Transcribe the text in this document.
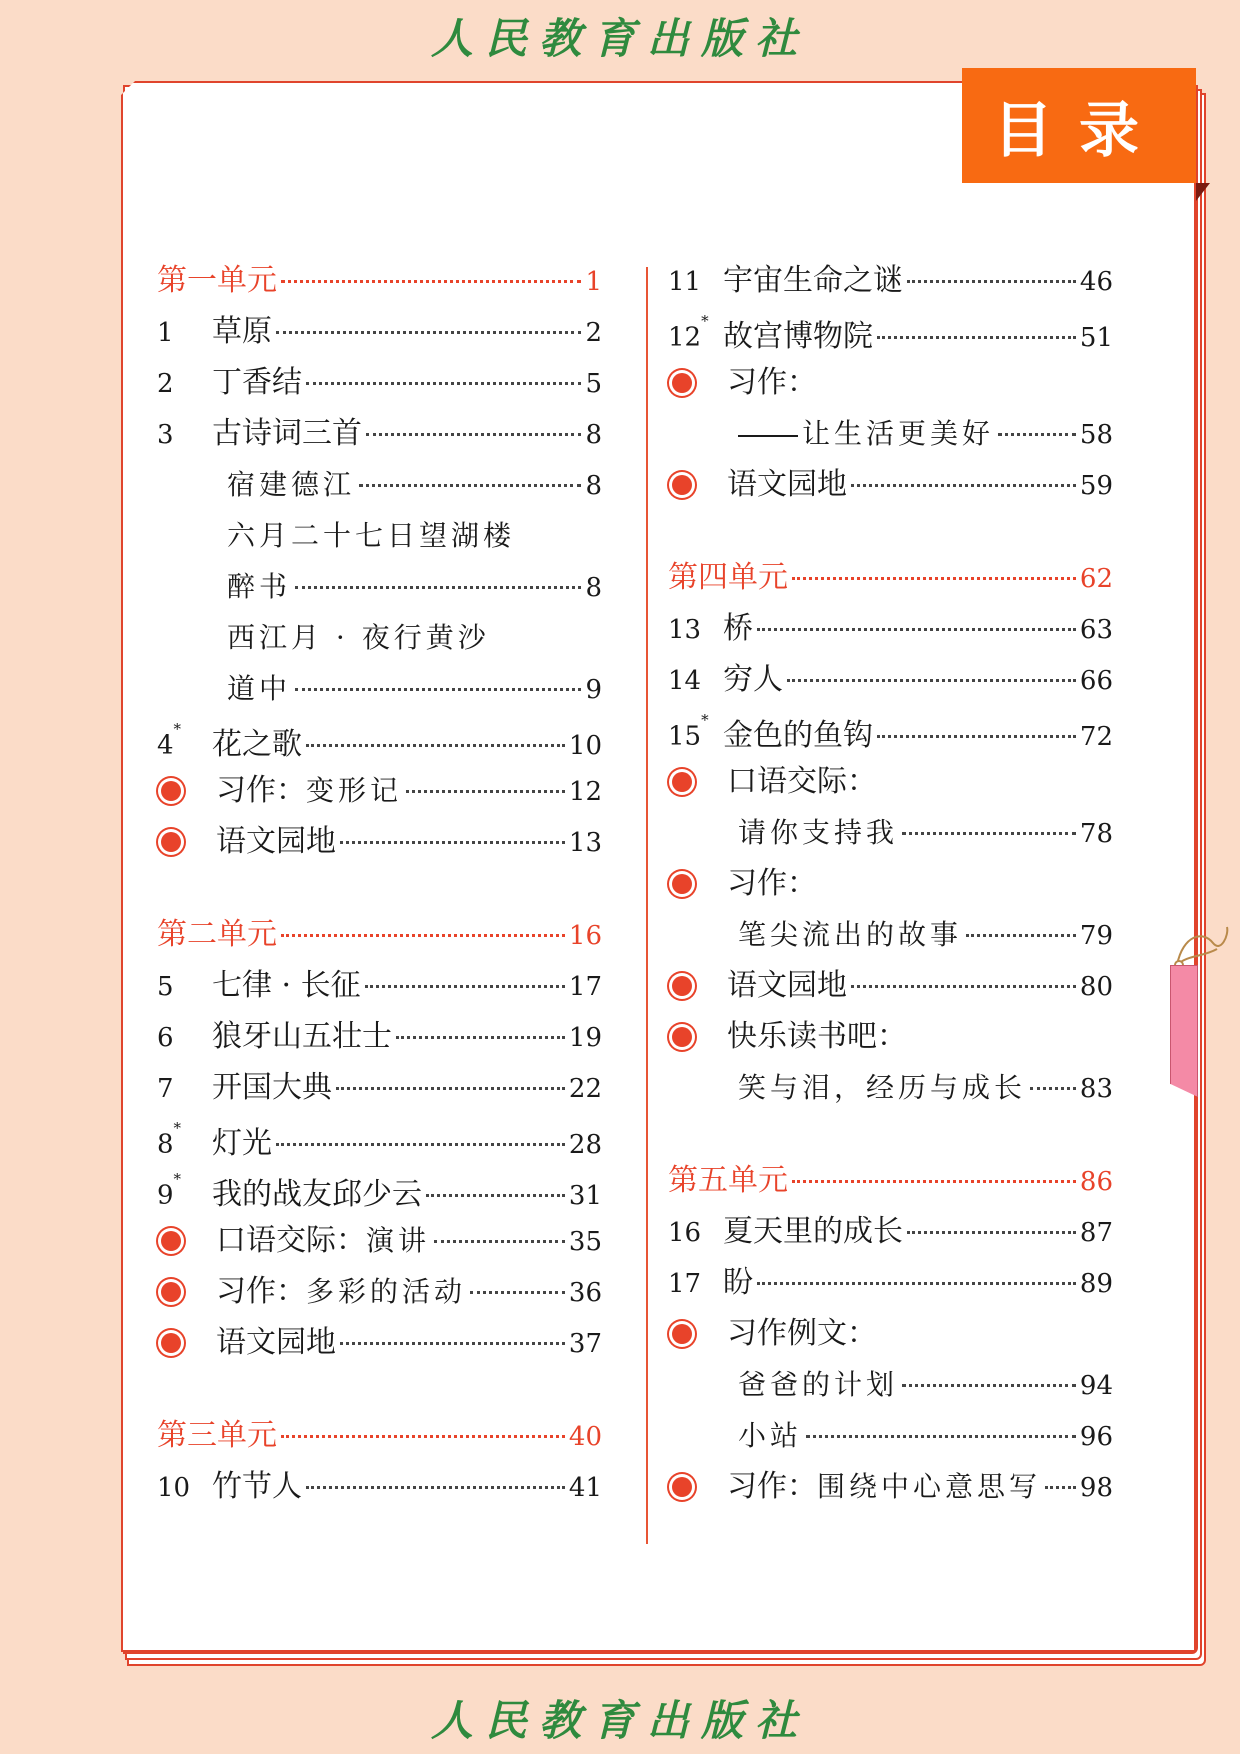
人民教育出版社
目录
第一单元	1
1	草原	2
2	丁香结	5
3	古诗词三首	8
宿建德江	8
六月二十七日望湖楼
醉书	8
西江月 · 夜行黄沙
道中	9
4*	花之歌	10
习作：变形记	12
语文园地	13
第二单元	16
5	七律 · 长征	17
6	狼牙山五壮士	19
7	开国大典	22
8*	灯光	28
9*	我的战友邱少云	31
口语交际：演讲	35
习作：多彩的活动	36
语文园地	37
第三单元	40
10 竹节人	41
11 宇宙生命之谜	46
12* 故宫博物院	51
习作：
让生活更美好	58
语文园地	59
第四单元	62
13 桥	63
14 穷人	66
15* 金色的鱼钩	72
口语交际：
请你支持我	78
习作：
笔尖流出的故事	79
语文园地	80
快乐读书吧：
笑与泪，经历与成长 83
第五单元	86
16 夏天里的成长	87
17 盼	89
习作例文：
爸爸的计划	94
小站	96
习作：围绕中心意思写 98
人民教育出版社
